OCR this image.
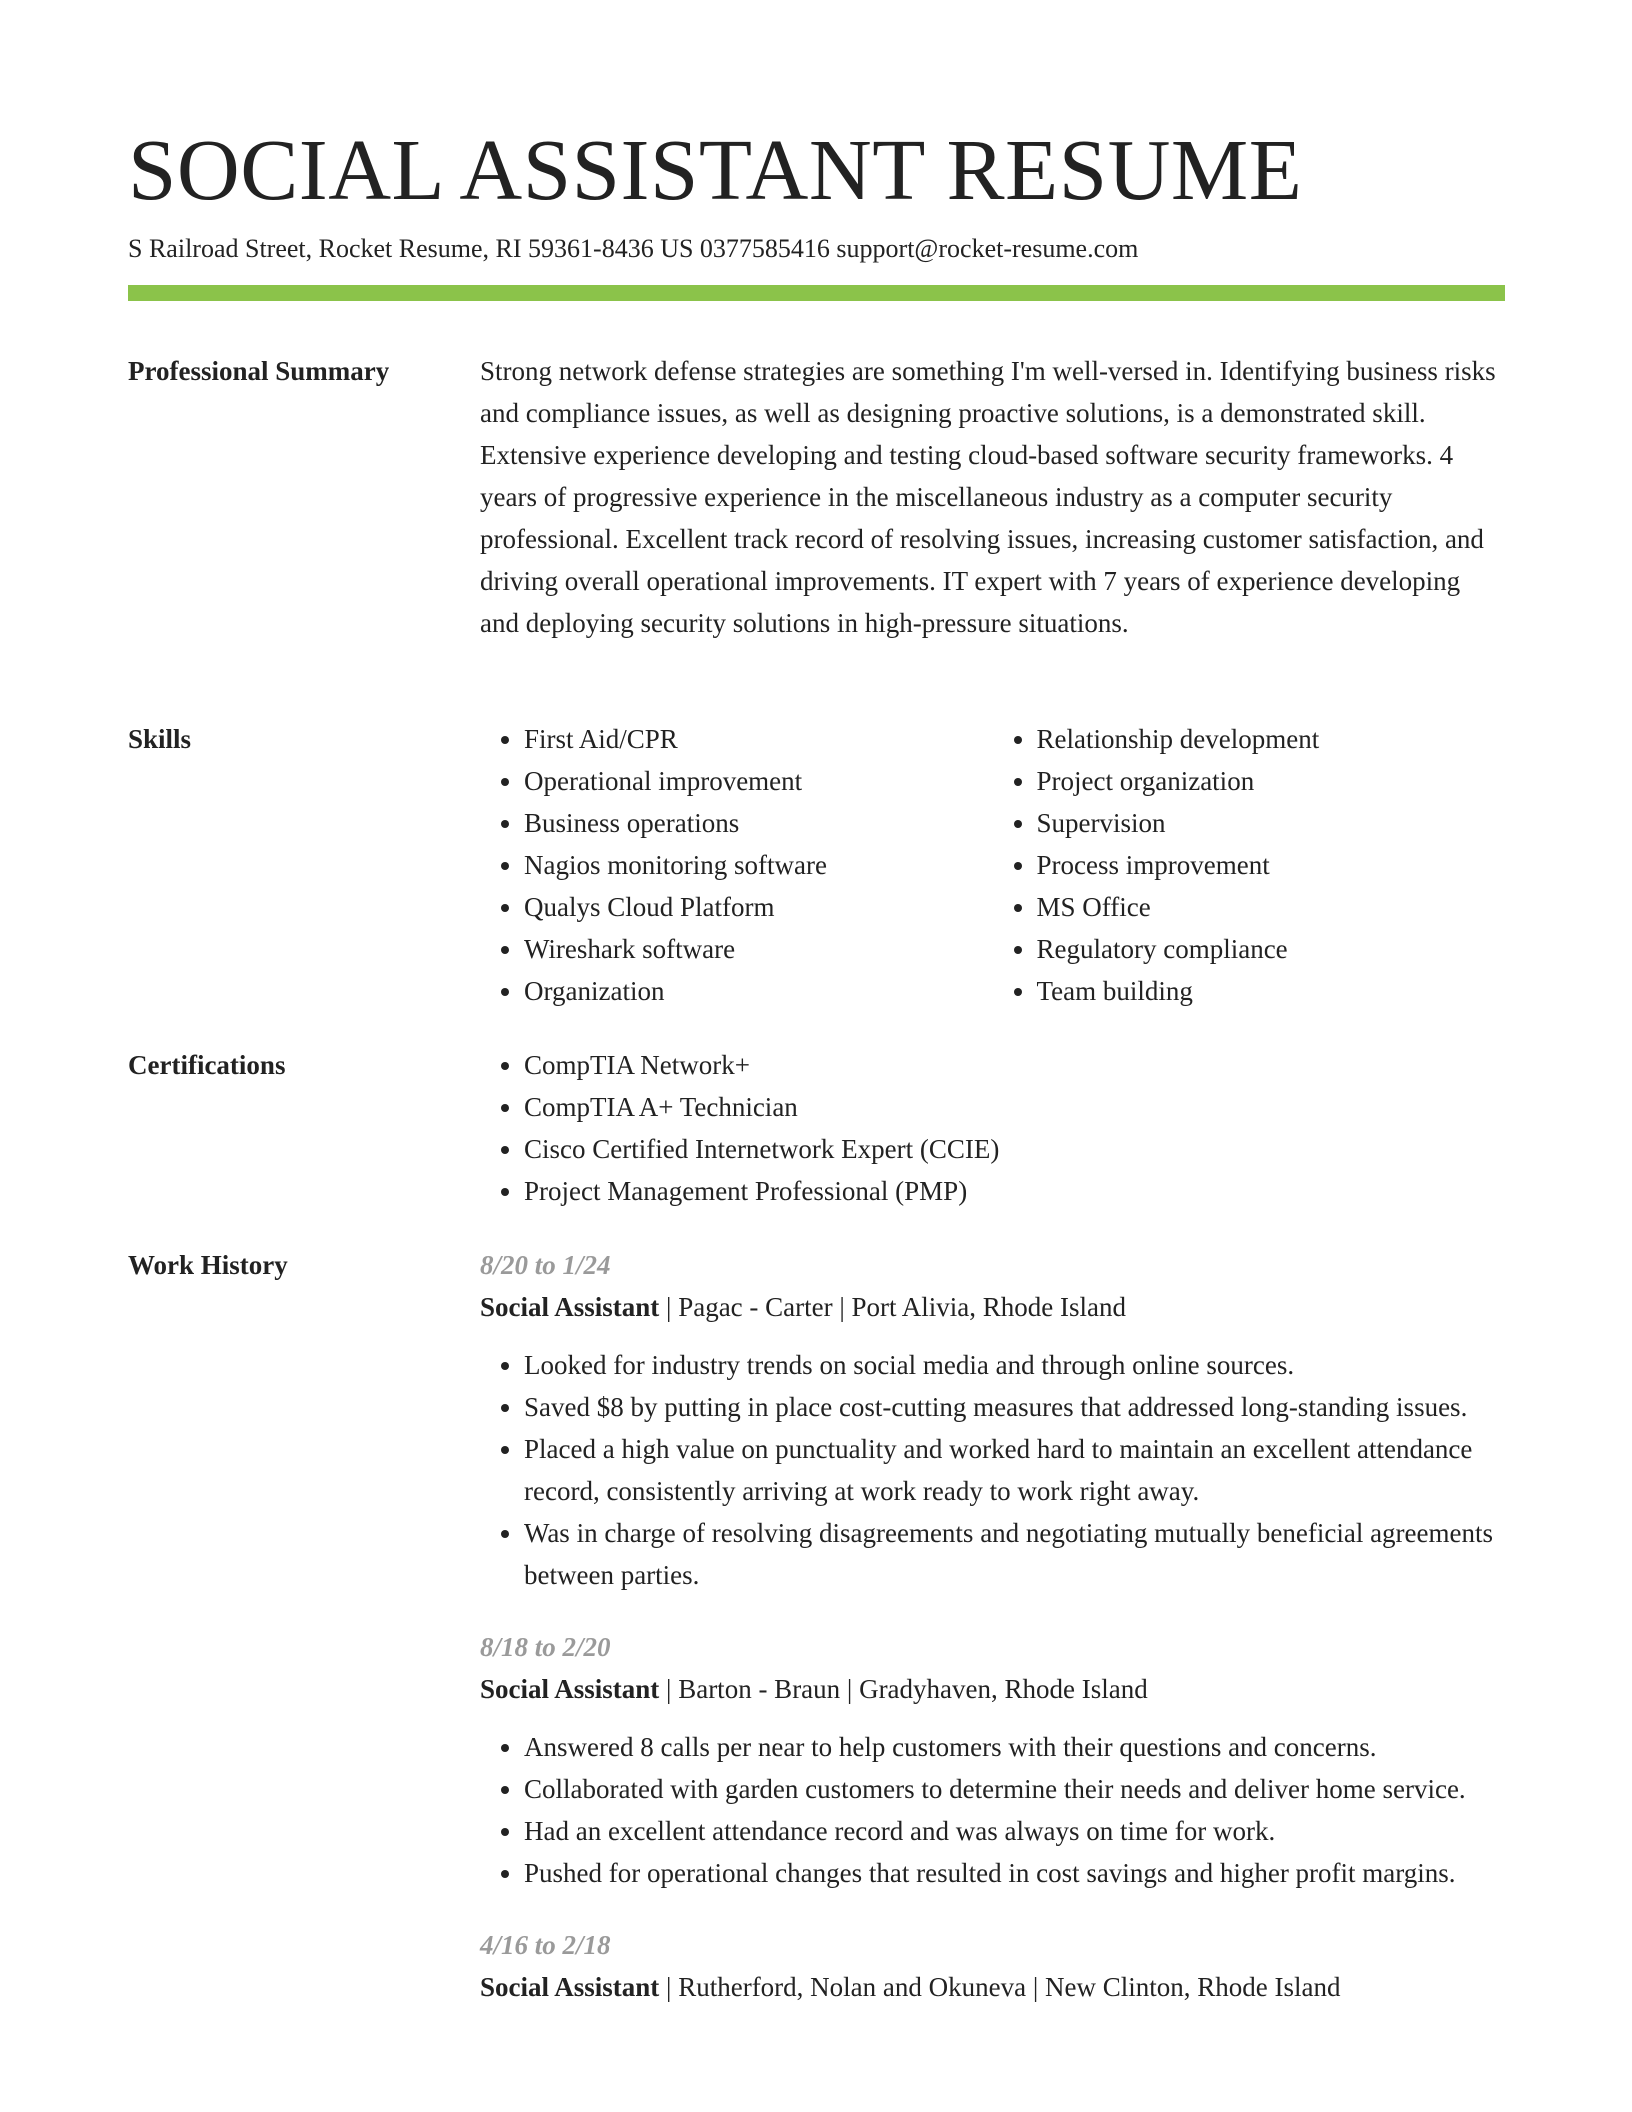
SOCIAL ASSISTANT RESUME
S Railroad Street, Rocket Resume, RI 59361-8436 US 0377585416 support@rocket-resume.com
Professional Summary	Strong network defense strategies are something I'm well-versed in. Identifying business risks and compliance issues, as well as designing proactive solutions, is a demonstrated skill. Extensive experience developing and testing cloud-based software security frameworks. 4 years of progressive experience in the miscellaneous industry as a computer security professional. Excellent track record of resolving issues, increasing customer satisfaction, and driving overall operational improvements. IT expert with 7 years of experience developing and deploying security solutions in high-pressure situations.

Skills	• First Aid/CPR
• Operational improvement
• Business operations
• Nagios monitoring software
• Qualys Cloud Platform
• Wireshark software
• Organization
• Relationship development
• Project organization
• Supervision
• Process improvement
• MS Office
• Regulatory compliance
• Team building
Certifications	• CompTIA Network+
• CompTIA A+ Technician
• Cisco Certified Internetwork Expert (CCIE)
• Project Management Professional (PMP)
Work History	8/20 to 1/24
Social Assistant | Pagac - Carter | Port Alivia, Rhode Island
• Looked for industry trends on social media and through online sources.
• Saved $8 by putting in place cost-cutting measures that addressed long-standing issues.
• Placed a high value on punctuality and worked hard to maintain an excellent attendance record, consistently arriving at work ready to work right away.
• Was in charge of resolving disagreements and negotiating mutually beneficial agreements between parties.
8/18 to 2/20
Social Assistant | Barton - Braun | Gradyhaven, Rhode Island
• Answered 8 calls per near to help customers with their questions and concerns.
• Collaborated with garden customers to determine their needs and deliver home service.
• Had an excellent attendance record and was always on time for work.
• Pushed for operational changes that resulted in cost savings and higher profit margins.
4/16 to 2/18
Social Assistant | Rutherford, Nolan and Okuneva | New Clinton, Rhode Island
